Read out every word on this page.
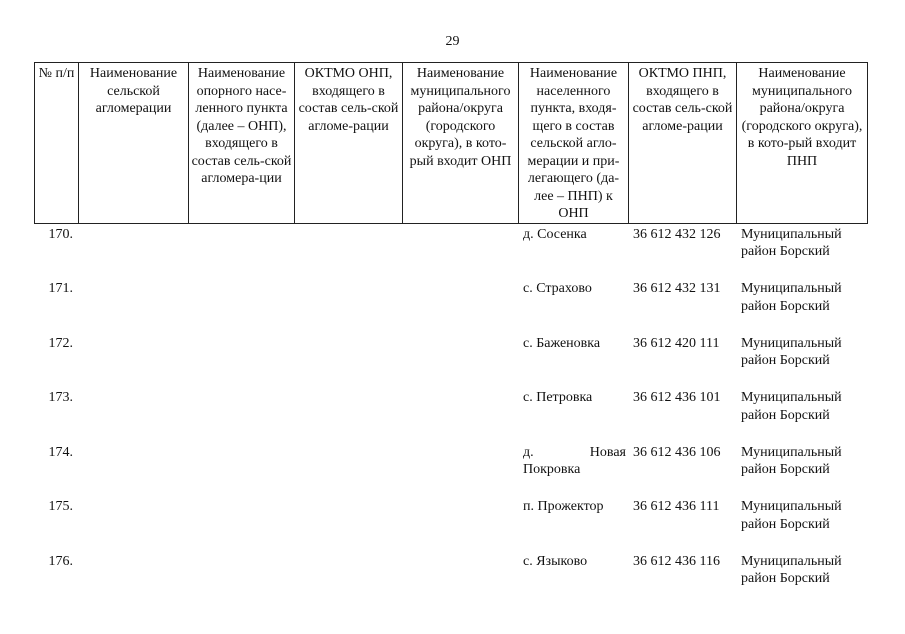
29
№ п/п	Наименование сельской агломерации	Наименование опорного насе-ленного пункта (далее – ОНП), входящего в состав сель-ской агломера-ции	ОКТМО ОНП, входящего в состав сель-ской агломе-рации	Наименование муниципального района/округа (городского округа), в кото-рый входит ОНП	Наименование населенного пункта, входя-щего в состав сельской агло-мерации и при-легающего (да-лее – ПНП) к ОНП	ОКТМО ПНП, входящего в состав сель-ской агломе-рации	Наименование муниципального района/округа (городского округа), в кото-рый входит ПНП
170.					д. Сосенка	36 612 432 126	Муниципальный район Борский
171.					с. Страхово	36 612 432 131	Муниципальный район Борский
172.					с. Баженовка	36 612 420 111	Муниципальный район Борский
173.					с. Петровка	36 612 436 101	Муниципальный район Борский
174.					д. Новая Покровка	36 612 436 106	Муниципальный район Борский
175.					п. Прожектор	36 612 436 111	Муниципальный район Борский
176.					с. Языково	36 612 436 116	Муниципальный район Борский
